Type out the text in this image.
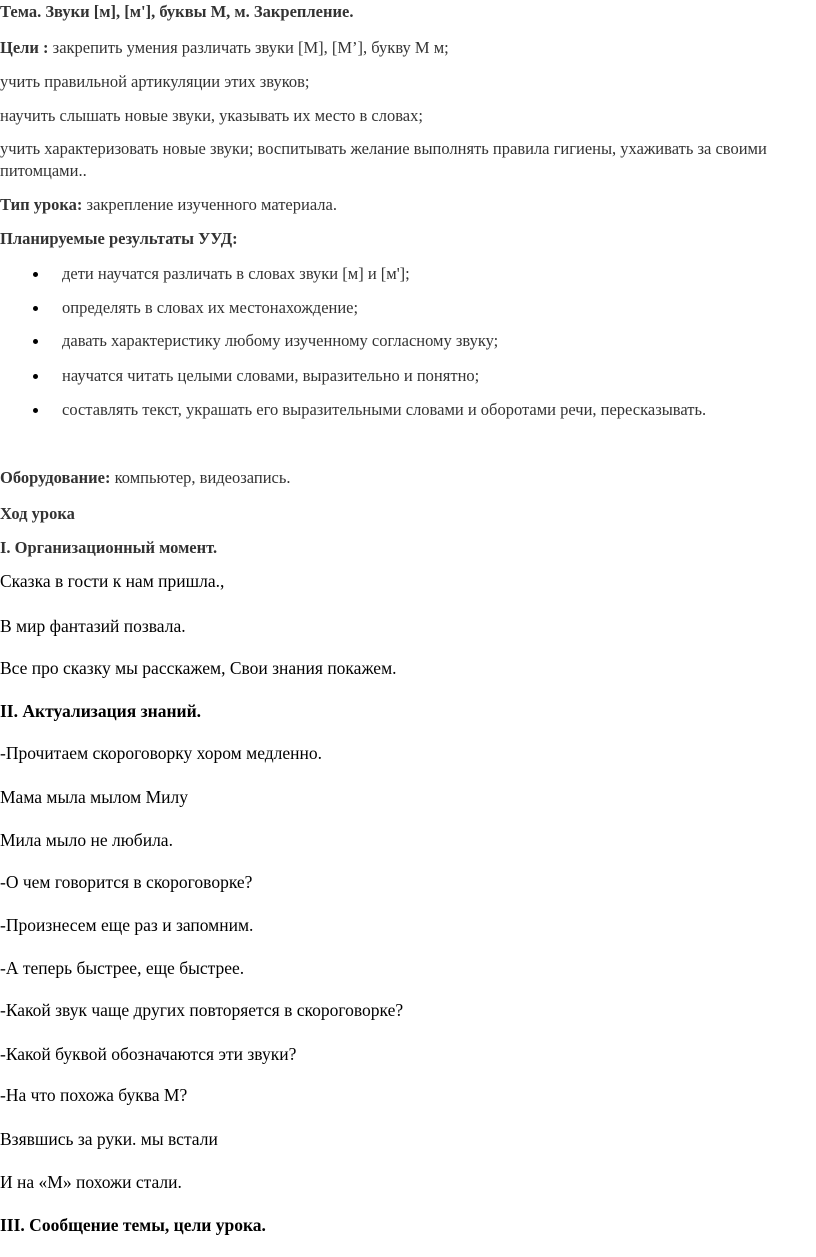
Тема. Звуки [м], [м'], буквы М, м. Закрепление.
Цели : закрепить умения различать звуки [М], [М’], букву М м;
учить правильной артикуляции этих звуков;
научить слышать новые звуки, указывать их место в словах;
учить характеризовать новые звуки; воспитывать желание выполнять правила гигиены, ухаживать за своими питомцами..
Тип урока: закрепление изученного материала.
Планируемые результаты УУД:
дети научатся различать в словах звуки [м] и [м'];
определять в словах их местонахождение;
давать характеристику любому изученному согласному звуку;
научатся читать целыми словами, выразительно и понятно;
составлять текст, украшать его выразительными словами и оборотами речи, пересказывать.
Оборудование: компьютер, видеозапись.
Ход урока
I. Организационный момент.
Сказка в гости к нам пришла.,
В мир фантазий позвала.
Все про сказку мы расскажем, Свои знания покажем.
II. Актуализация знаний.
-Прочитаем скороговорку хором медленно.
Мама мыла мылом Милу
Мила мыло не любила.
-О чем говорится в скороговорке?
-Произнесем еще раз и запомним.
-А теперь быстрее, еще быстрее.
-Какой звук чаще других повторяется в скороговорке?
-Какой буквой обозначаются эти звуки?
-На что похожа буква М?
Взявшись за руки. мы встали
И на «М» похожи стали.
III. Сообщение темы, цели урока.
